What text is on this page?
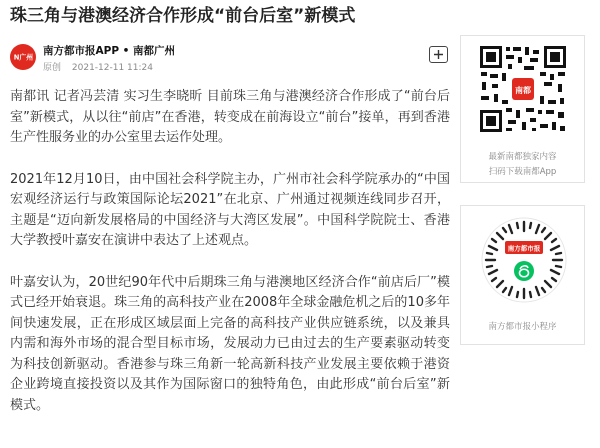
珠三角与港澳经济合作形成“前台后室”新模式
N广州 南方都市报APP • 南都广州
原创 2021-12-11 11:24

南都讯 记者冯芸清 实习生李晓昕 目前珠三角与港澳经济合作形成了“前台后室”新模式，从以往“前店”在香港，转变成在前海设立“前台”接单，再到香港生产性服务业的办公室里去运作处理。

2021年12月10日，由中国社会科学院主办，广州市社会科学院承办的“中国宏观经济运行与政策国际论坛2021”在北京、广州通过视频连线同步召开，主题是“迈向新发展格局的中国经济与大湾区发展”。中国科学院院士、香港大学教授叶嘉安在演讲中表达了上述观点。

叶嘉安认为，20世纪90年代中后期珠三角与港澳地区经济合作“前店后厂”模式已经开始衰退。珠三角的高科技产业在2008年全球金融危机之后的10多年间快速发展，正在形成区域层面上完备的高科技产业供应链系统，以及兼具内需和海外市场的混合型目标市场，发展动力已由过去的生产要素驱动转变为科技创新驱动。香港参与珠三角新一轮高新科技产业发展主要依赖于港资企业跨境直接投资以及其作为国际窗口的独特角色，由此形成“前台后室”新模式。

南都
最新南都独家内容
扫码下载南都App
南方都市报
南方都市报小程序
